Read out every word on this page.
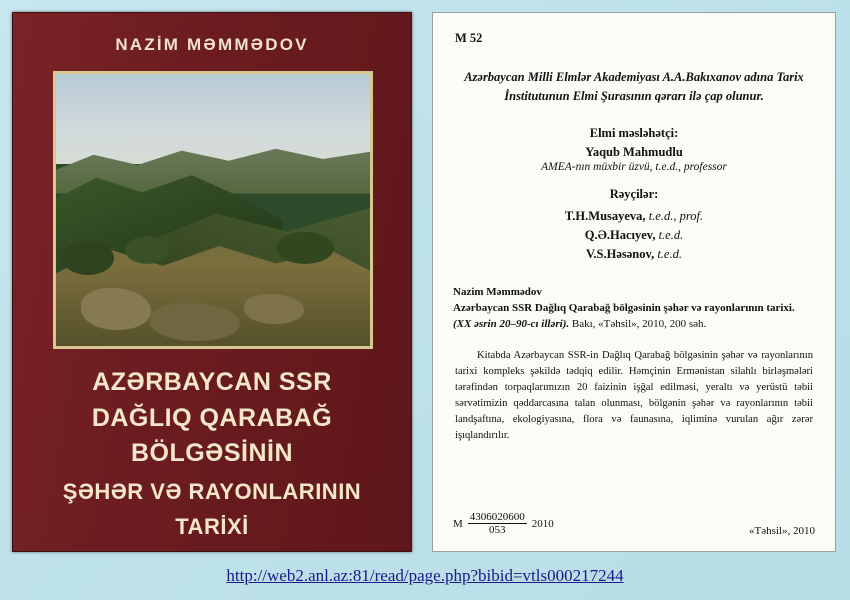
NAZİM MƏMMƏDOV
AZƏRBAYCAN SSR
DAĞLIQ QARABAĞ BÖLGƏSİNİN
ŞƏHƏR VƏ RAYONLARININ
TARİXİ
M 52
Azərbaycan Milli Elmlər Akademiyası A.A.Bakıxanov adına Tarix İnstitutunun Elmi Şurasının qərarı ilə çap olunur.
Elmi məsləhətçi:
Yaqub Mahmudlu
AMEA-nın müxbir üzvü, t.e.d., professor
Rəyçilər:
T.H.Musayeva, t.e.d., prof.
Q.Ə.Hacıyev, t.e.d.
V.S.Həsənov, t.e.d.
Nazim Məmmədov
Azərbaycan SSR Dağlıq Qarabağ bölgəsinin şəhər və rayonlarının tarixi.
(XX əsrin 20–90-cı illəri). Bakı, «Təhsil», 2010, 200 səh.
Kitabda Azərbaycan SSR-in Dağlıq Qarabağ bölgəsinin şəhər və rayonlarının tarixi kompleks şəkildə tədqiq edilir. Həmçinin Ermənistan silahlı birləşmələri tərəfindən torpaqlarımızın 20 faizinin işğal edilməsi, yeraltı və yerüstü təbii sərvətimizin qəddarcasına talan olunması, bölgənin şəhər və rayonlarının təbii landşaftına, ekologiyasına, flora və faunasına, iqliminə vurulan ağır zərər işıqlandırılır.
M $\frac{4306020600}{053} 2010$
«Təhsil», 2010
http://web2.anl.az:81/read/page.php?bibid=vtls000217244
